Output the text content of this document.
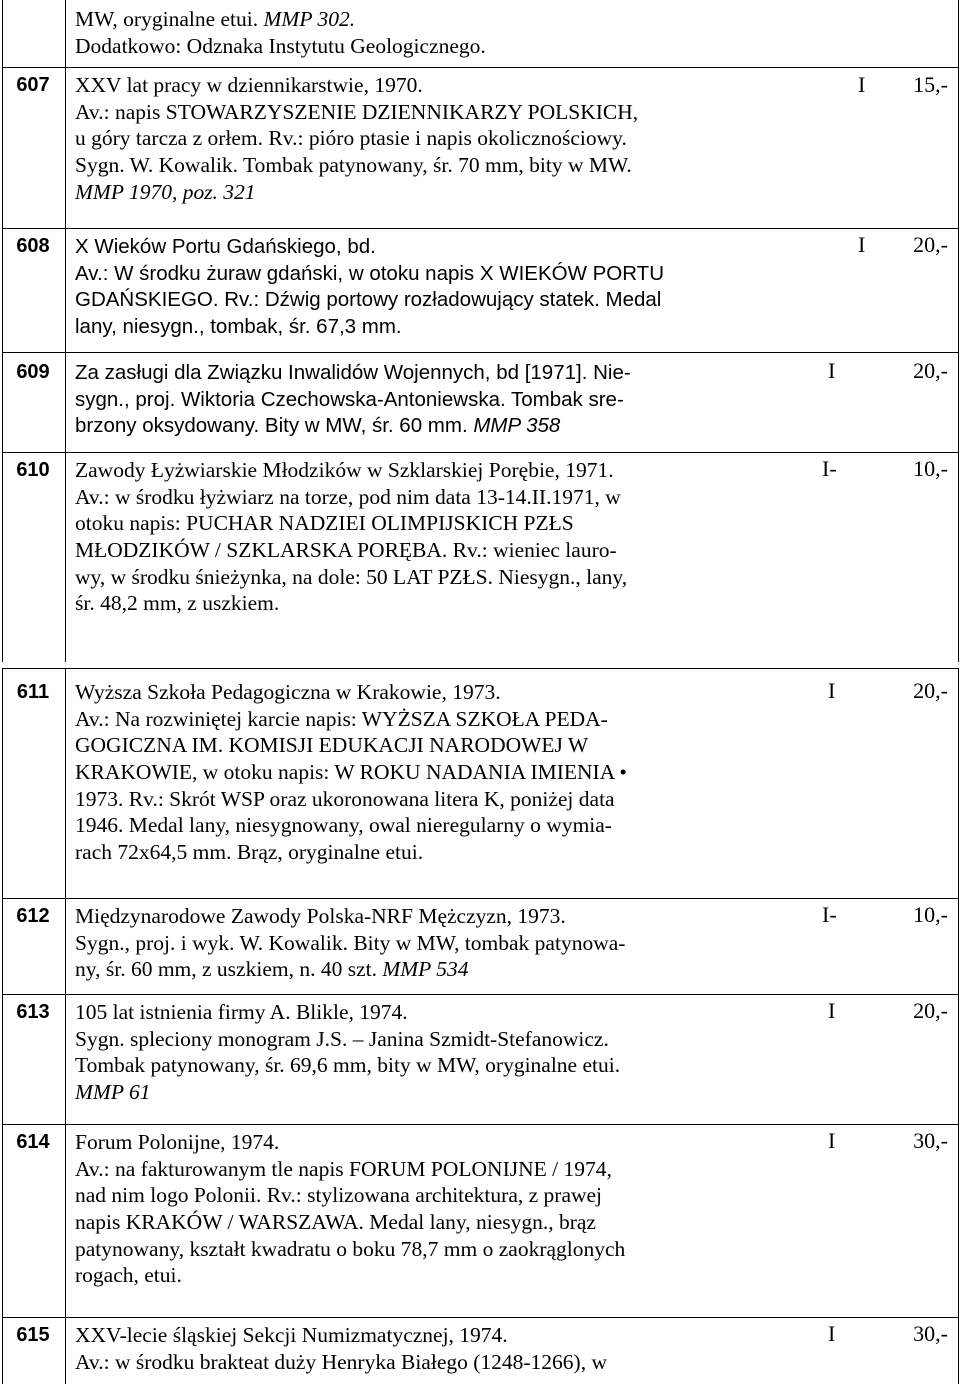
MW, oryginalne etui. MMP 302.
Dodatkowo: Odznaka Instytutu Geologicznego.
607	XXV lat pracy w dziennikarstwie, 1970.
Av.: napis STOWARZYSZENIE DZIENNIKARZY POLSKICH,
u góry tarcza z orłem. Rv.: pióro ptasie i napis okolicznościowy.
Sygn. W. Kowalik. Tombak patynowany, śr. 70 mm, bity w MW.
MMP 1970, poz. 321
I 15,-
608	X Wieków Portu Gdańskiego, bd.
Av.: W środku żuraw gdański, w otoku napis X WIEKÓW PORTU
GDAŃSKIEGO. Rv.: Dźwig portowy rozładowujący statek. Medal
lany, niesygn., tombak, śr. 67,3 mm.
I 20,-
609	Za zasługi dla Związku Inwalidów Wojennych, bd [1971]. Nie-
sygn., proj. Wiktoria Czechowska-Antoniewska. Tombak sre-
brzony oksydowany. Bity w MW, śr. 60 mm. MMP 358
I	20,-
610	Zawody Łyżwiarskie Młodzików w Szklarskiej Porębie, 1971.
Av.: w środku łyżwiarz na torze, pod nim data 13-14.II.1971, w
otoku napis: PUCHAR NADZIEI OLIMPIJSKICH PZŁS
MŁODZIKÓW / SZKLARSKA PORĘBA. Rv.: wieniec lauro-
wy, w środku śnieżynka, na dole: 50 LAT PZŁS. Niesygn., lany,
śr. 48,2 mm, z uszkiem.
I-	10,-
611	Wyższa Szkoła Pedagogiczna w Krakowie, 1973.
Av.: Na rozwiniętej karcie napis: WYŻSZA SZKOŁA PEDA-
GOGICZNA IM. KOMISJI EDUKACJI NARODOWEJ W
KRAKOWIE, w otoku napis: W ROKU NADANIA IMIENIA •
1973. Rv.: Skrót WSP oraz ukoronowana litera K, poniżej data
1946. Medal lany, niesygnowany, owal nieregularny o wymia-
rach 72x64,5 mm. Brąz, oryginalne etui.
I	20,-
612	Międzynarodowe Zawody Polska-NRF Mężczyzn, 1973.
Sygn., proj. i wyk. W. Kowalik. Bity w MW, tombak patynowa-
ny, śr. 60 mm, z uszkiem, n. 40 szt. MMP 534
I-	10,-
613	105 lat istnienia firmy A. Blikle, 1974.
Sygn. spleciony monogram J.S. – Janina Szmidt-Stefanowicz.
Tombak patynowany, śr. 69,6 mm, bity w MW, oryginalne etui.
MMP 61
I	20,-
614	Forum Polonijne, 1974.
Av.: na fakturowanym tle napis FORUM POLONIJNE / 1974,
nad nim logo Polonii. Rv.: stylizowana architektura, z prawej
napis KRAKÓW / WARSZAWA. Medal lany, niesygn., brąz
patynowany, kształt kwadratu o boku 78,7 mm o zaokrąglonych
rogach, etui.
I	30,-
615	XXV-lecie śląskiej Sekcji Numizmatycznej, 1974.
Av.: w środku brakteat duży Henryka Białego (1248-1266), w
I	30,-
